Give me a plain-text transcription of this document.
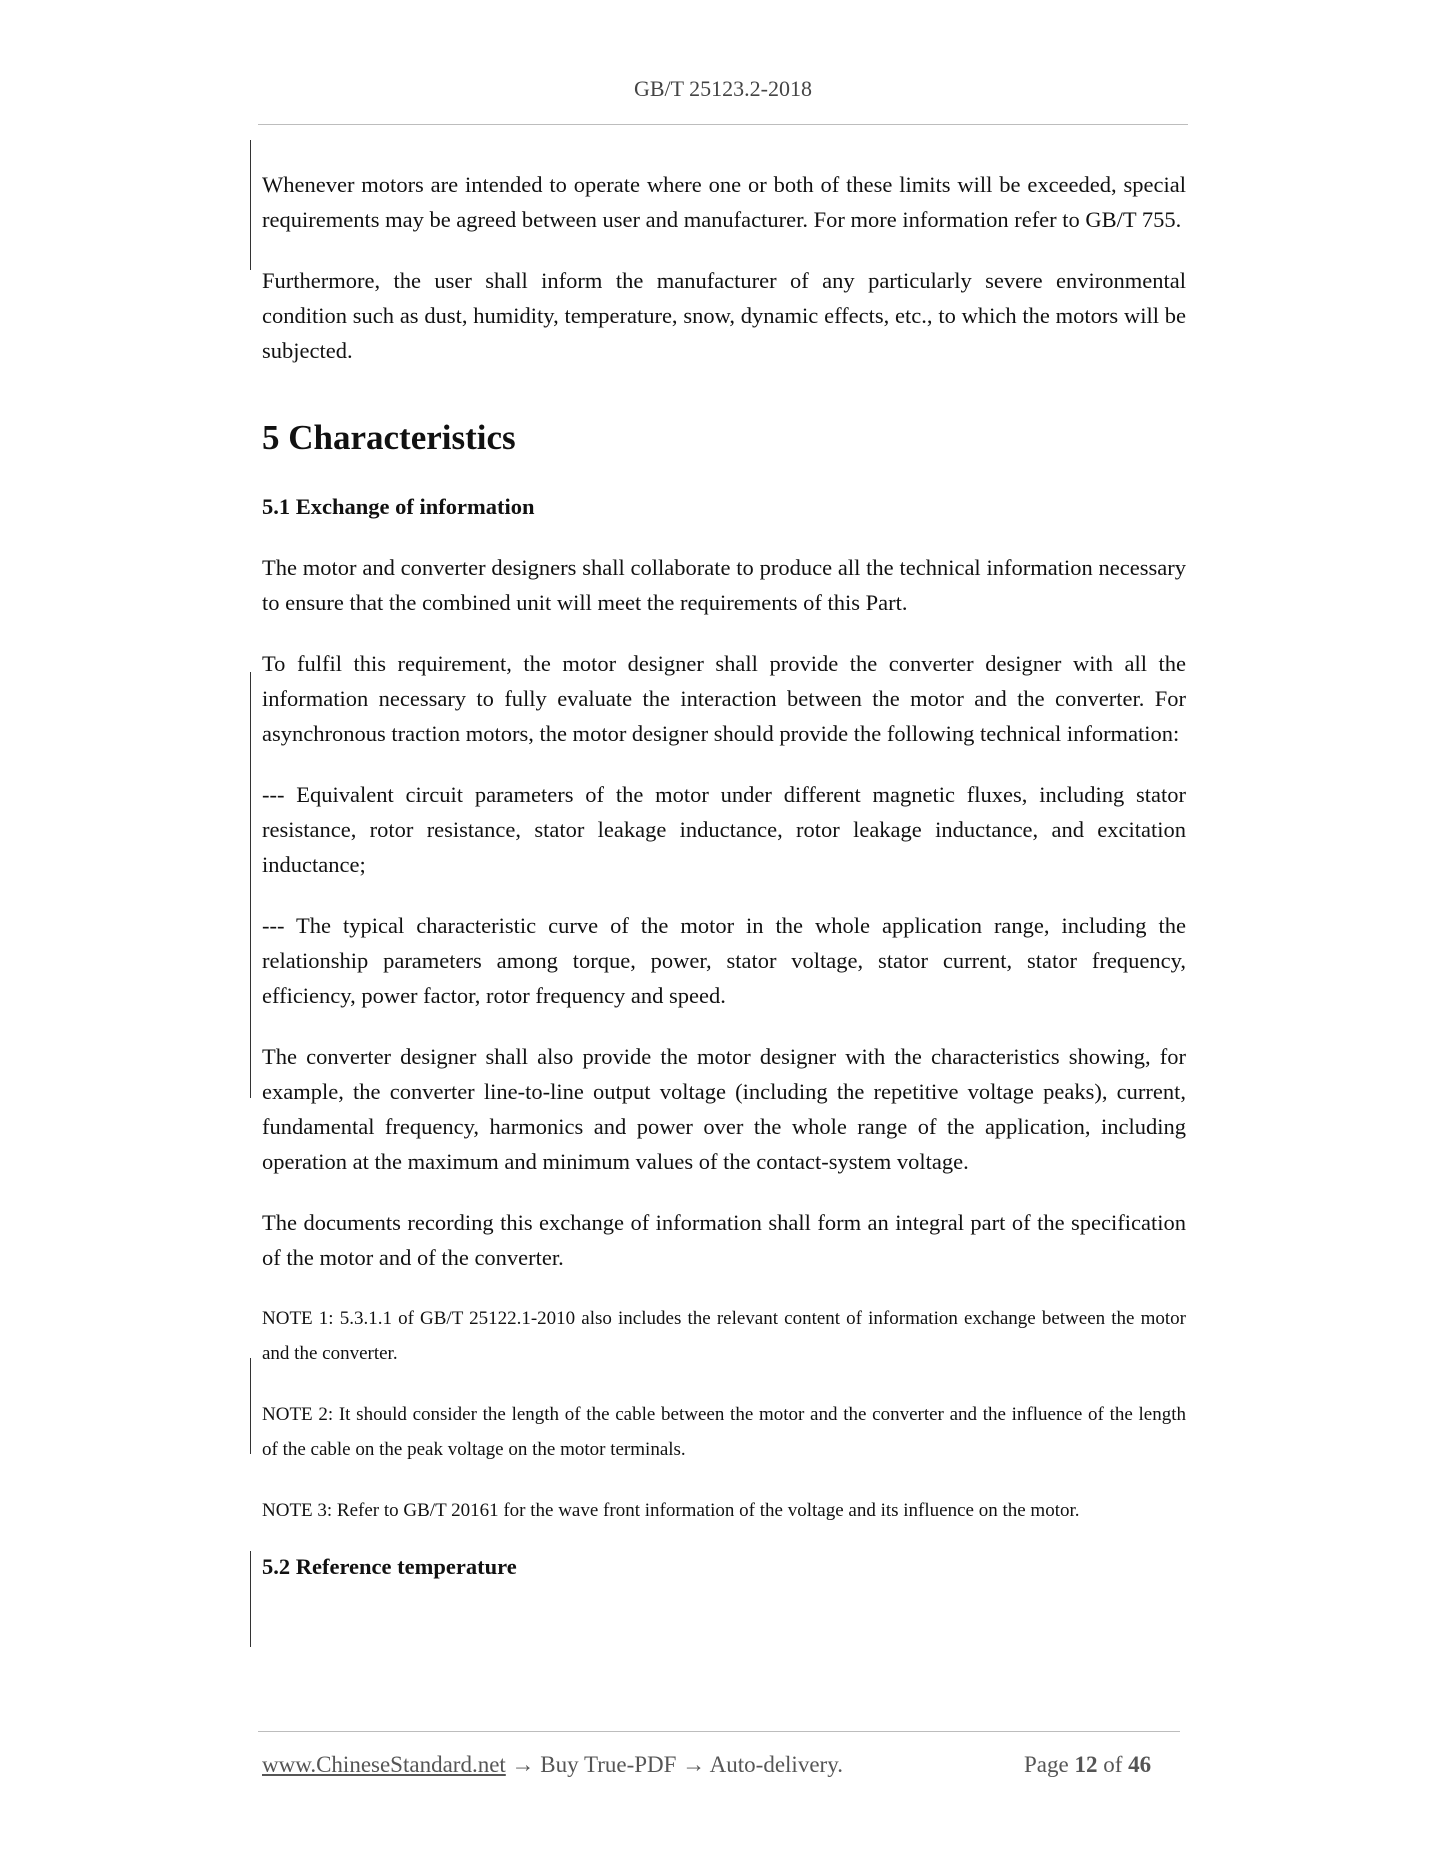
GB/T 25123.2-2018

Whenever motors are intended to operate where one or both of these limits will be exceeded, special requirements may be agreed between user and manufacturer. For more information refer to GB/T 755.

Furthermore, the user shall inform the manufacturer of any particularly severe environmental condition such as dust, humidity, temperature, snow, dynamic effects, etc., to which the motors will be subjected.

5 Characteristics
5.1 Exchange of information

The motor and converter designers shall collaborate to produce all the technical information necessary to ensure that the combined unit will meet the requirements of this Part.

To fulfil this requirement, the motor designer shall provide the converter designer with all the information necessary to fully evaluate the interaction between the motor and the converter. For asynchronous traction motors, the motor designer should provide the following technical information:

--- Equivalent circuit parameters of the motor under different magnetic fluxes, including stator resistance, rotor resistance, stator leakage inductance, rotor leakage inductance, and excitation inductance;

--- The typical characteristic curve of the motor in the whole application range, including the relationship parameters among torque, power, stator voltage, stator current, stator frequency, efficiency, power factor, rotor frequency and speed.

The converter designer shall also provide the motor designer with the characteristics showing, for example, the converter line-to-line output voltage (including the repetitive voltage peaks), current, fundamental frequency, harmonics and power over the whole range of the application, including operation at the maximum and minimum values of the contact-system voltage.

The documents recording this exchange of information shall form an integral part of the specification of the motor and of the converter.

NOTE 1: 5.3.1.1 of GB/T 25122.1-2010 also includes the relevant content of information exchange between the motor and the converter.

NOTE 2: It should consider the length of the cable between the motor and the converter and the influence of the length of the cable on the peak voltage on the motor terminals.

NOTE 3: Refer to GB/T 20161 for the wave front information of the voltage and its influence on the motor.

5.2 Reference temperature
www.ChineseStandard.net → Buy True-PDF → Auto-delivery.	Page 12 of 46
